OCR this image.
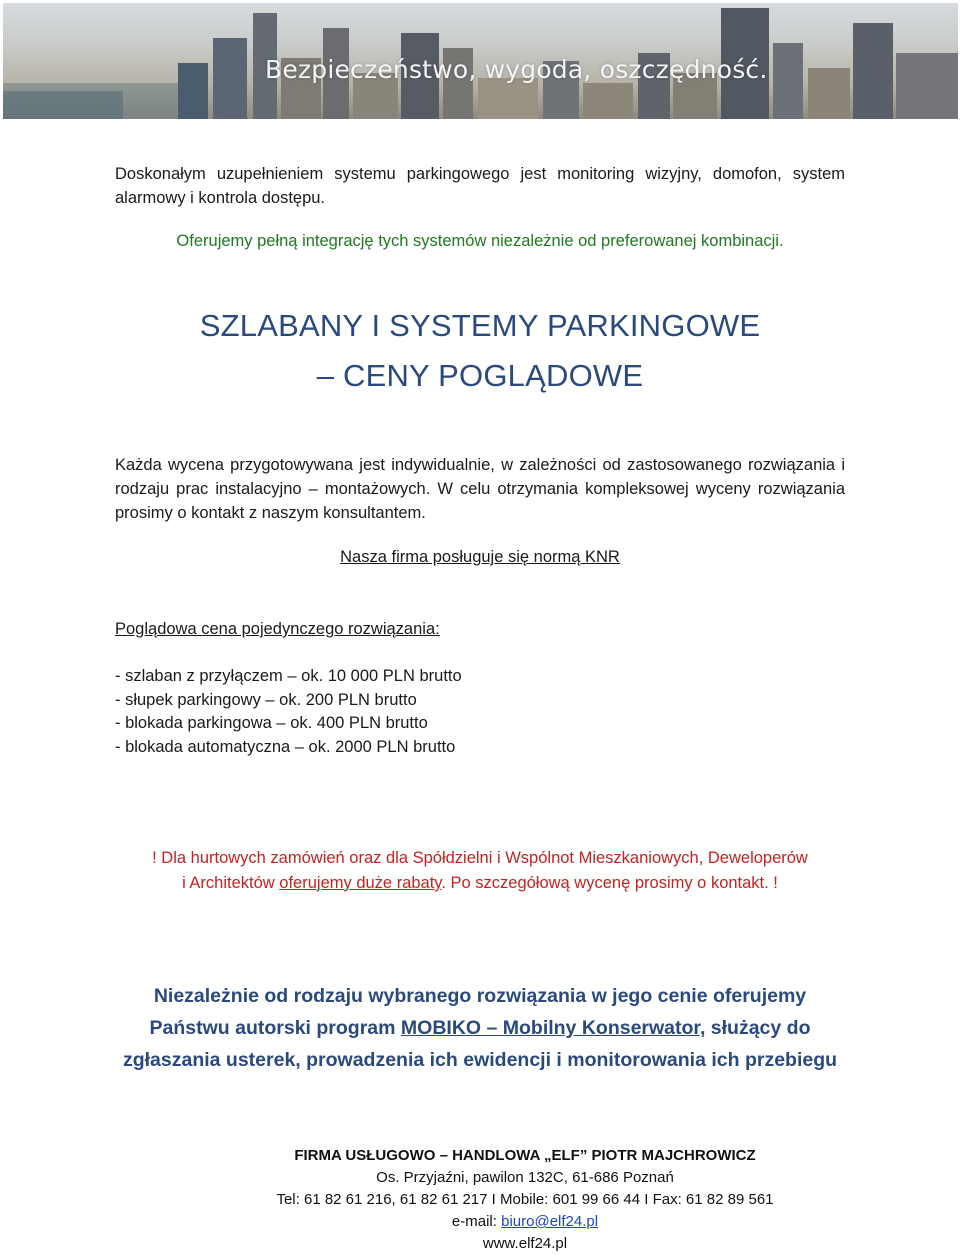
Bezpieczeństwo, wygoda, oszczędność.
Doskonałym uzupełnieniem systemu parkingowego jest monitoring wizyjny, domofon, system alarmowy i kontrola dostępu.
Oferujemy pełną integrację tych systemów niezależnie od preferowanej kombinacji.
SZLABANY I SYSTEMY PARKINGOWE
– CENY POGLĄDOWE
Każda wycena przygotowywana jest indywidualnie, w zależności od zastosowanego rozwiązania i rodzaju prac instalacyjno – montażowych. W celu otrzymania kompleksowej wyceny rozwiązania prosimy o kontakt z naszym konsultantem.
Nasza firma posługuje się normą KNR
Poglądowa cena pojedynczego rozwiązania:
- szlaban z przyłączem – ok. 10 000 PLN brutto
- słupek parkingowy – ok. 200 PLN brutto
- blokada parkingowa – ok. 400 PLN brutto
- blokada automatyczna – ok. 2000 PLN brutto
! Dla hurtowych zamówień oraz dla Spółdzielni i Wspólnot Mieszkaniowych, Deweloperów
i Architektów oferujemy duże rabaty. Po szczegółową wycenę prosimy o kontakt. !
Niezależnie od rodzaju wybranego rozwiązania w jego cenie oferujemy
Państwu autorski program MOBIKO – Mobilny Konserwator, służący do
zgłaszania usterek, prowadzenia ich ewidencji i monitorowania ich przebiegu
FIRMA USŁUGOWO – HANDLOWA „ELF” PIOTR MAJCHROWICZ
Os. Przyjaźni, pawilon 132C, 61-686 Poznań
Tel: 61 82 61 216, 61 82 61 217 I Mobile: 601 99 66 44 I Fax: 61 82 89 561
e-mail: biuro@elf24.pl
www.elf24.pl
